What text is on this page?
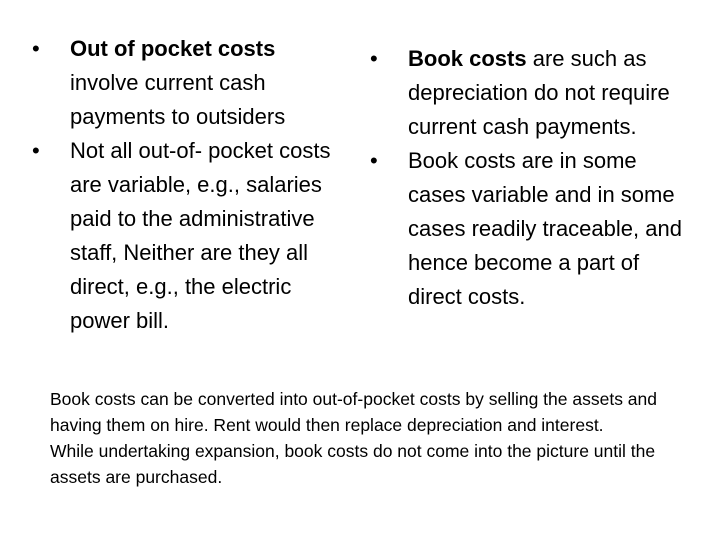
•	Out of pocket costs involve current cash payments to outsiders
•	Not all out-of- pocket costs are variable, e.g., salaries paid to the administrative staff, Neither are they all direct, e.g., the electric power bill.
•	Book costs are such as depreciation do not require current cash payments.
•	Book costs are in some cases variable and in some cases readily traceable, and hence become a part of direct costs.

Book costs can be converted into out-of-pocket costs by selling the assets and having them on hire. Rent would then replace depreciation and interest.

While undertaking expansion, book costs do not come into the picture until the assets are purchased.
